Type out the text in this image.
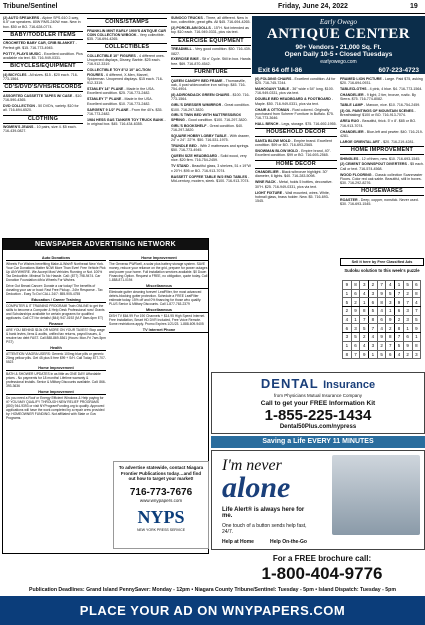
Tribune/Sentinel	Friday, June 24, 2022	19
(2) AUTO SPEAKERS - Alpine SPS-610 2-way, 6.5" car speakers. 80W RMS-240W max. New in box. $50 or BO. 716-628-0774.
BABY/TODDLER ITEMS
CROCHETED BABY CAR, CRIB BLANKET - Perfect gift. $15. 716-773-4945.
POTTY, PLAYS MUSIC - Excellent condition. Pics available via text. $5. 716-949-0331.
BICYCLES/EQUIPMENT
(4) BICYCLES - All sizes. $15 - $20 each. 716-773-1564.
CD'S/DVD'S/VHS/RECORDS
ASSORTED CASSETTE TAPES W/ CASE - $10. 716-590-4365.
DVD COLLECTION - 50 DVD's, variety. $10 for all. 716-694-6520.
CLOTHING
WOMEN'S JEANS - 10 pairs, size 4. $5 each. 716-439-0827.
COINS/STAMPS
FRANKLIN MINT EARLY 1900'S ANTIQUE CAR COIN COLLECTION W/BOOK - Very collectible. $35. 716-694-4265.
COLLECTIBLES
COLLECTIBLE 10" FIGURES - 4 different ones. Unopened displays, Disney, Barbie. $25 each. 716-912-3319.
COLLECTIBLE TOY 8"/2 10" AC-TION FIGURES - 6 different, X-Men, Marvel, Spiderman. Unopened displays. $15 each. 716-912-3319.
STANLEY 14" PLANE - Made in the USA. Excellent condition. $25. 716-773-2482.
STANLEY 7" PLANE - Made in the USA. Excellent condition. $10. 716-773-2482.
SARGENT 9 1/2" PLANE - From the 40's. $35. 716-773-2482.
1984 HESS GAS TANKER TOY TRUCK BANK - In original box. $45. 716-434-6355.
SUNOCO TRUCKS - Three, all different. New in box, collectible, great gifts. All $45. 716-694-4265.
(2) PORCELAIN DOLLS - 15"H. Not intended as toy. $10 each. 716-949-0331, pics via text.
EXERCISE EQUIPMENT
TREADMILL - Very good condition. $50. 716-439-0827.
EXERCISE BIKE - Sit n' Cycle. Still in box. Hands free. $69. 716-870-4542.
FURNITURE
QUEEN CANOPY BED FRAME - Thomasville, oak, 4 post w/decorative iron rail top. $45. 716-754-4904.
(8) ADIRONDACK GREEN CHAIRS - $100. 716-773-1564.
GIRL'S DRESSER W/MIRROR - Great condition. $100. 716-297-3820.
GIRL'S TWIN BED WITH MATTRESS/BOX SPRING - Good condition. $100. 716-297-3820.
GIRL'S BOOKSHELF - Great condition. $40. 716-297-3820.
SQUARE HOBBY LOBBY TABLE - With drawer, 24" x 24". 22"H. $50. 716-531-1975.
TRUNDLE BED - With 2 mattresses and springs. $50. 716-773-4945.
QUEEN SIZE HEADBOARD - Solid wood, very nice. $20 firm. 716-754-2459.
TV STAND - Beautiful glass, 3 shelves, 51 x 19"W x 20"H. $95 or BO. 716-913-7074.
BASSETT COFFEE TABLE W/2 END TABLES - Mid-century, modern, sleek. $100. 716-913-7074.
Early Owego
ANTIQUE CENTER
90+ Vendors • 21,000 Sq. Ft.
Open Daily 10-5 • Closed Tuesdays
earlyowego.com
Exit 64 off I-86	607-223-4723
(6) FOLDING CHAIRS - Excellent condition. All for $25. 716-745-7244.
MAHOGANY TABLE - 36" wide x 54" long. $100. 716-949-0331, pics via text.
DOUBLE BED HEADBOARD & FOOTBOARD - Maple. $50. 716-949-0331, pics via text.
CHAIR & OTTOMAN - Rust colored. Originally purchased from Scherer Furniture in Buffalo. $75. 716-773-3646.
HALL BENCH - Legs, storage. $75. 716-692-1955.
HOUSEHOLD DECOR
SANTA BLOW MOLD - Empire brand. Excellent condition. $99 or BO. 716-693-2565.
SNOWMAN BLOW MOLD - Empire brand, 40". Excellent condition. $99 or BO. 716-693-2565.
HOME DECOR
CHANDELIER - Black w/bronze highlight. 30" diameter, 6 lights. $40. 716-283-5098.
WINE RACK - Metal, holds 5 bottles, decorative. 30"H. $25. 716-949-0331, pics via text.
LIGHT FIXTURE - Wall mounted, wires. White, hobnail glass, brass holder. New. $5. 716-693-1545.
FRAMED LION PICTURE - Large. Paid $75, asking $20. 716-694-0931.
TABLECLOTHS - 4 pink, 4 blue. $4. 716-773-1564.
CHANDELIER - 9 light, 2 tier, bronze, rustic. By Sierra. $75. 716-774-8082.
TABLE LAMP - Maroon, nice. $10. 716-754-2459.
(3) OIL PAINTINGS OF MOUNTAIN SCENES - Breathtaking! $100 or BO. 716-913-7074.
AREA RUG - Beautiful, thick. 5' x 8'. $85 or BO. 716-913-7074.
CHANDELIER - Blue-left and pewter. $40. 716-219-4281.
LARGE ORIENTAL ART - $20. 716-219-4281.
HOME IMPROVEMENT
SHINGLES - 12 of them, new. $10. 716-693-1545.
(2) CEMENT DOWNSPOUT DIVERTERS - $5 each. Call or text. 716-574-4568.
WOOD FLOORING - Classic collection Scanmaster Floors. Color red oak sable. Beautiful, still in boxes. $30. 716-292-8276.
HOUSEWARES
ROASTER - Deep, copper, nonstick. Never used. $30. 716-693-1545.
Sell it here by Free Classified Ads
Sudoku solution to this week's puzzle
9	8	3	2	7	4	1	5	6
1	6	4	3	9	5	7	2	8
5	2	1	6	8	3	9	7	4
2	9	8	5	4	1	6	3	7
4	1	7	8	6	9	2	3	5
6	3	5	7	4	2	8	1	9
3	5	2	4	9	8	7	6	1
1	6	4	3	2	7	5	9	8
8	7	9	1	5	6	4	2	3
NEWSPAPER ADVERTISING NETWORK
Auto Donations
Wheels For Wishes benefiting Make-A-Wish® Northeast New York. Your Car Donations Matter NOW More Than Ever! Free Vehicle Pick Up ANYWHERE. We Accept Most Vehicles Running or Not. 100% Tax Deductible. Minimal To No Hassle. Call: (877) 798-9474. Car Donation Foundation d/b/a Wheels For Wishes.
Drive Out Breast Cancer: Donate a car today! The benefits of donating your car or boat: Fast Free Pickup - 24hr Response - Tax Deduction - Easy To Do! CALL 24/7: 855-905-4755
Education / Career Training
COMPUTER & IT TRAINING PROGRAM! Train ONLINE to get the skills to become a Computer & Help Desk Professional now! Grants and Scholarships available for certain programs for qualified applicants. Call CTI for details! (844) 947-0192 (M-F 8am-6pm ET)
Finance
ARE YOU BEHIND $10k OR MORE ON YOUR TAXES? Stop wage & bank levies, liens & audits, unfiled tax returns, payroll issues, & resolve tax debt FAST. Call 888-869-5361 (Hours: Mon-Fri 7am-5pm PST)
Health
ATTENTION VIAGRA USERS: Generic 100mg blue pills or generic 20mg yellow pills. Get 45 plus 5 free $99 + S/H. Call Today 877-707-5523
Home Improvement
BATH & SHOWER UPDATES in as little as ONE DAY! Affordable prices - No payments for 18 months! Lifetime warranty & professional installs. Senior & Military Discounts available. Call: 866-393-3636
Home Improvement
Do you need a Roof or Energy Efficient Windows & Help paying for it? YOU MAY QUALIFY THROUGH NEW RELIEF PROGRAMS (800) 944-9393 or visit NYProgramFunding.org to qualify. Approved applications will have the work completed by a repair crew provided by: HOMEOWNER FUNDING. Not affiliated with State or Gov Programs.
Home Improvement
The Generac PWRcell, a solar plus battery storage system. SAVE money, reduce your reliance on the grid, prepare for power outages and power your home. Full installation services available. $0 Down Financing Option. Request a FREE, no obligation, quote today. Call 1-888-871-0194
Miscellaneous
Eliminate gutter cleaning forever! LeafFilter, the most advanced debris-blocking gutter protection. Schedule a FREE LeafFilter estimate today. 15% off and 0% financing for those who qualify. PLUS Senior & Military Discounts. Call 1-877-763-2379
Miscellaneous
DISH TV $64.99 For 190 Channels + $14.95 High Speed Internet. Free Installation, Smart HD DVR Included, Free Voice Remote. Some restrictions apply. Promo Expires 1/21/23. 1-888-609-9405
TV Internet Phone
To advertise statewide, contact Niagara Frontier Publications today…and find out how to target your market!
716-773-7676
www.wnypapers.com
NYPS
NEW YORK PRESS SERVICE
DENTAL Insurance
from Physicians Mutual Insurance Company
Call to get your FREE Information Kit
1-855-225-1434
Dental50Plus.com/nypress
Saving a Life EVERY 11 MINUTES
I'm never
alone
Life Alert® is always here for me.
One touch of a button sends help fast, 24/7.
Help at Home	Help On-the-Go
For a FREE brochure call:
1-800-404-9776
Publication Deadlines: Grand Island PennySaver: Monday - 12pm • Niagara County Tribune/Sentinel: Tuesday - 5pm • Island Dispatch: Tuesday - 5pm
PLACE YOUR AD ON WNYPAPERS.COM
